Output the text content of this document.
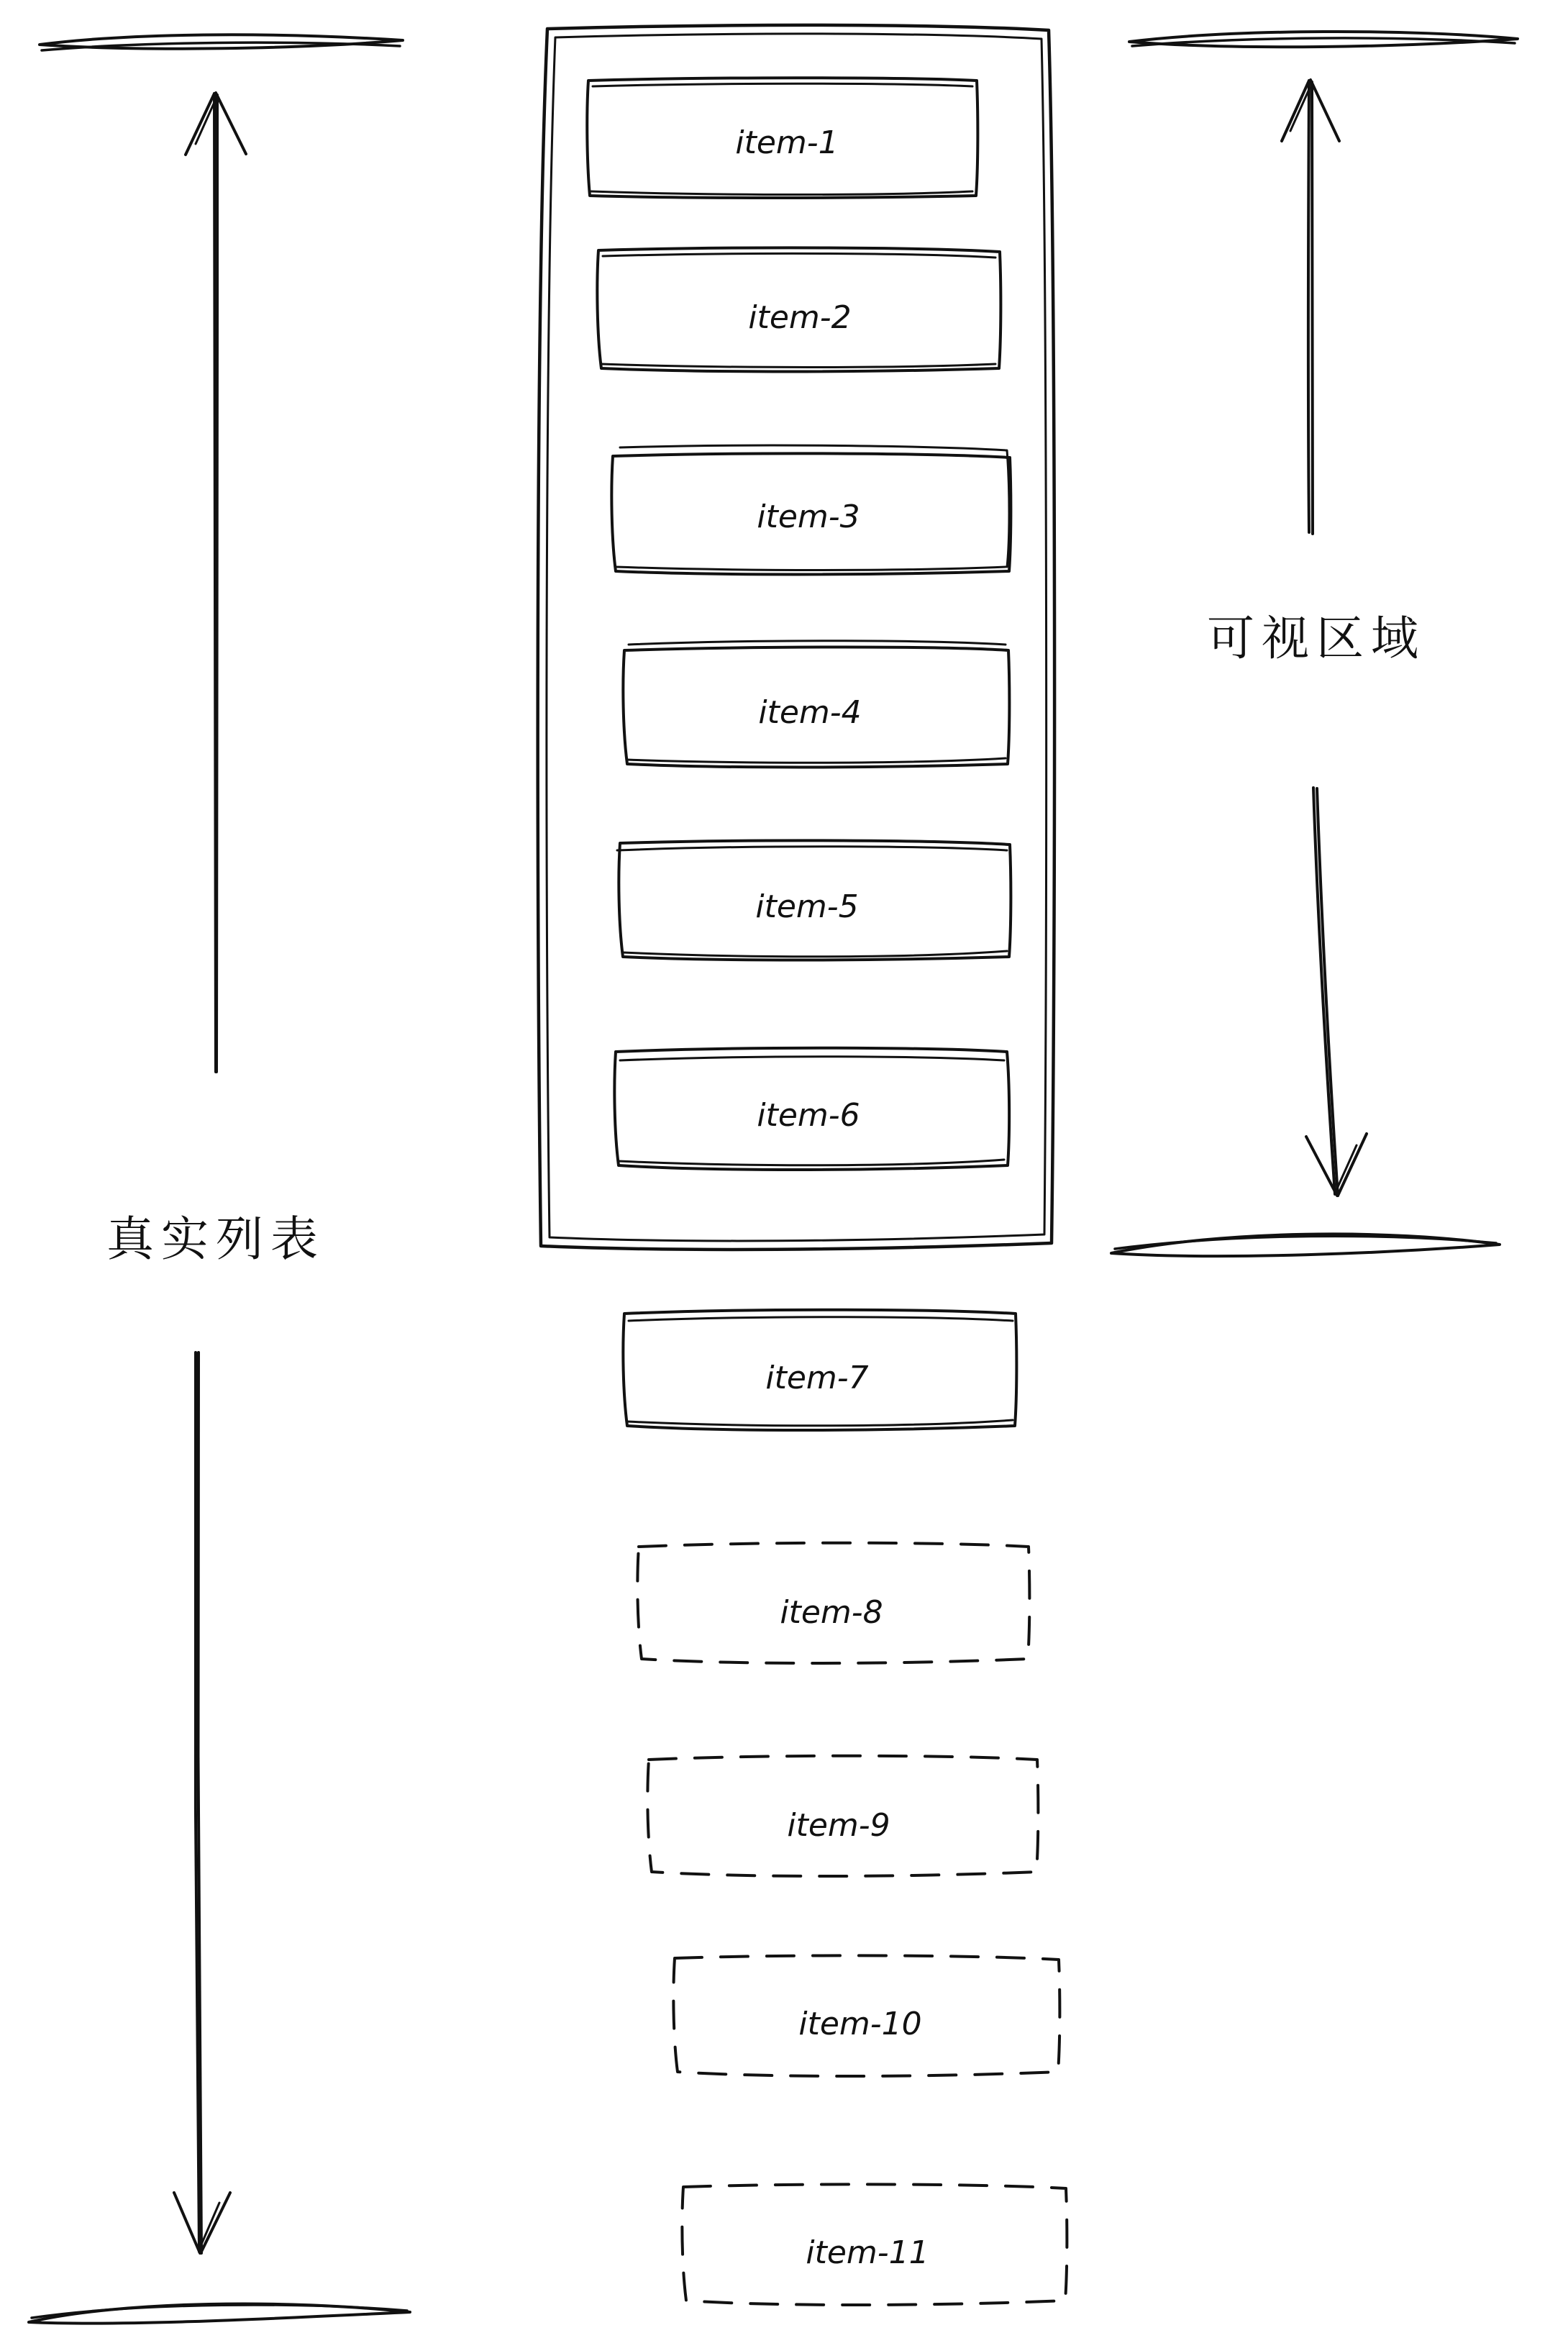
item-1
item-2
item-3
item-4
item-5
item-6
item-7
item-8
item-9
item-10
item-11
真实列表
可视区域
